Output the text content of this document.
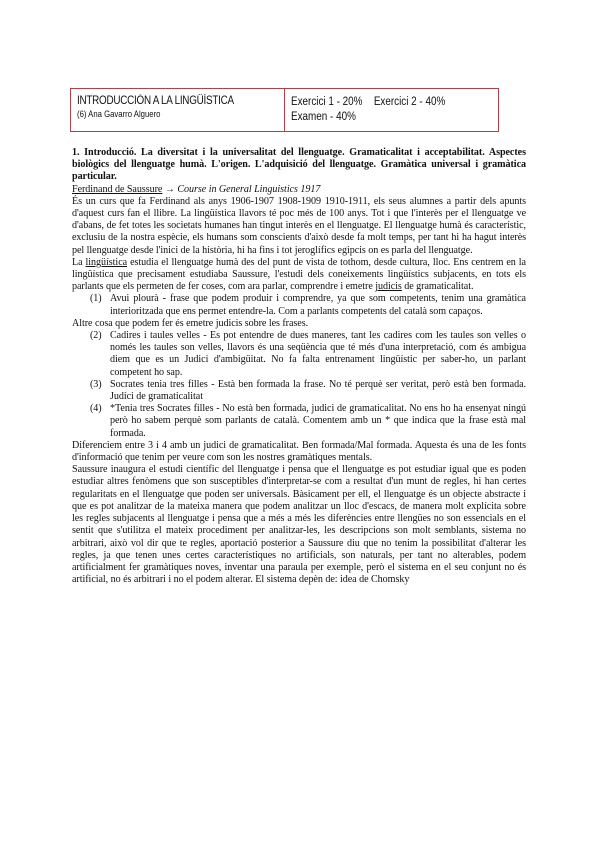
INTRODUCCIÓN A LA LINGÜÍSTICA
(6) Ana Gavarro Alguero
Exercici 1 - 20% Exercici 2 - 40%
Examen - 40%

1. Introducció. La diversitat i la universalitat del llenguatge. Gramaticalitat i acceptabilitat. Aspectes biològics del llenguatge humà. L'origen. L'adquisició del llenguatge. Gramàtica universal i gramàtica particular.

Ferdinand de Saussure → Course in General Linguistics 1917

És un curs que fa Ferdinand als anys 1906-1907 1908-1909 1910-1911, els seus alumnes a partir dels apunts d'aquest curs fan el llibre. La lingüística llavors té poc més de 100 anys. Tot i que l'interès per el llenguatge ve d'abans, de fet totes les societats humanes han tingut interès en el llenguatge. El llenguatge humà és característic, exclusiu de la nostra espècie, els humans som conscients d'això desde fa molt temps, per tant hi ha hagut interès pel llenguatge desde l'inici de la història, hi ha fins i tot jeroglífics egipcis on es parla del llenguatge.

La lingüística estudia el llenguatge humà des del punt de vista de tothom, desde cultura, lloc. Ens centrem en la lingüística que precisament estudiaba Saussure, l'estudi dels coneixements lingüístics subjacents, en tots els parlants que els permeten de fer coses, com ara parlar, comprendre i emetre judicis de gramaticalitat.

(1) Avui plourà - frase que podem produir i comprendre, ya que som competents, tenim una gramàtica interioritzada que ens permet entendre-la. Com a parlants competents del català som capaços.

Altre cosa que podem fer és emetre judicis sobre les frases.

(2) Cadires i taules velles - Es pot entendre de dues maneres, tant les cadires com les taules son velles o només les taules son velles, llavors és una seqüència que té més d'una interpretació, com és ambigua diem que es un Judici d'ambigüitat. No fa falta entrenament lingüístic per saber-ho, un parlant competent ho sap.
(3) Socrates tenia tres filles - Està ben formada la frase. No té perquè ser veritat, però està ben formada. Judici de gramaticalitat
(4) *Tenia tres Socrates filles - No està ben formada, judici de gramaticalitat. No ens ho ha ensenyat ningú però ho sabem perquè som parlants de català. Comentem amb un * que indica que la frase està mal formada.

Diferenciem entre 3 i 4 amb un judici de gramaticalitat. Ben formada/Mal formada. Aquesta és una de les fonts d'informació que tenim per veure com son les nostres gramàtiques mentals.

Saussure inaugura el estudi científic del llenguatge i pensa que el llenguatge es pot estudiar igual que es poden estudiar altres fenòmens que son susceptibles d'interpretar-se com a resultat d'un munt de regles, hi han certes regularitats en el llenguatge que poden ser universals. Bàsicament per ell, el llenguatge és un objecte abstracte i que es pot analitzar de la mateixa manera que podem analitzar un lloc d'escacs, de manera molt explícita sobre les regles subjacents al llenguatge i pensa que a més a més les diferències entre llengües no son essencials en el sentit que s'utilitza el mateix procediment per analitzar-les, les descripcions son molt semblants, sistema no arbitrari, això vol dir que te regles, aportació posterior a Saussure diu que no tenim la possibilitat d'alterar les regles, ja que tenen unes certes característiques no artificials, son naturals, per tant no alterables, podem artificialment fer gramàtiques noves, inventar una paraula per exemple, però el sistema en el seu conjunt no és artificial, no és arbitrari i no el podem alterar. El sistema depèn de: idea de Chomsky
